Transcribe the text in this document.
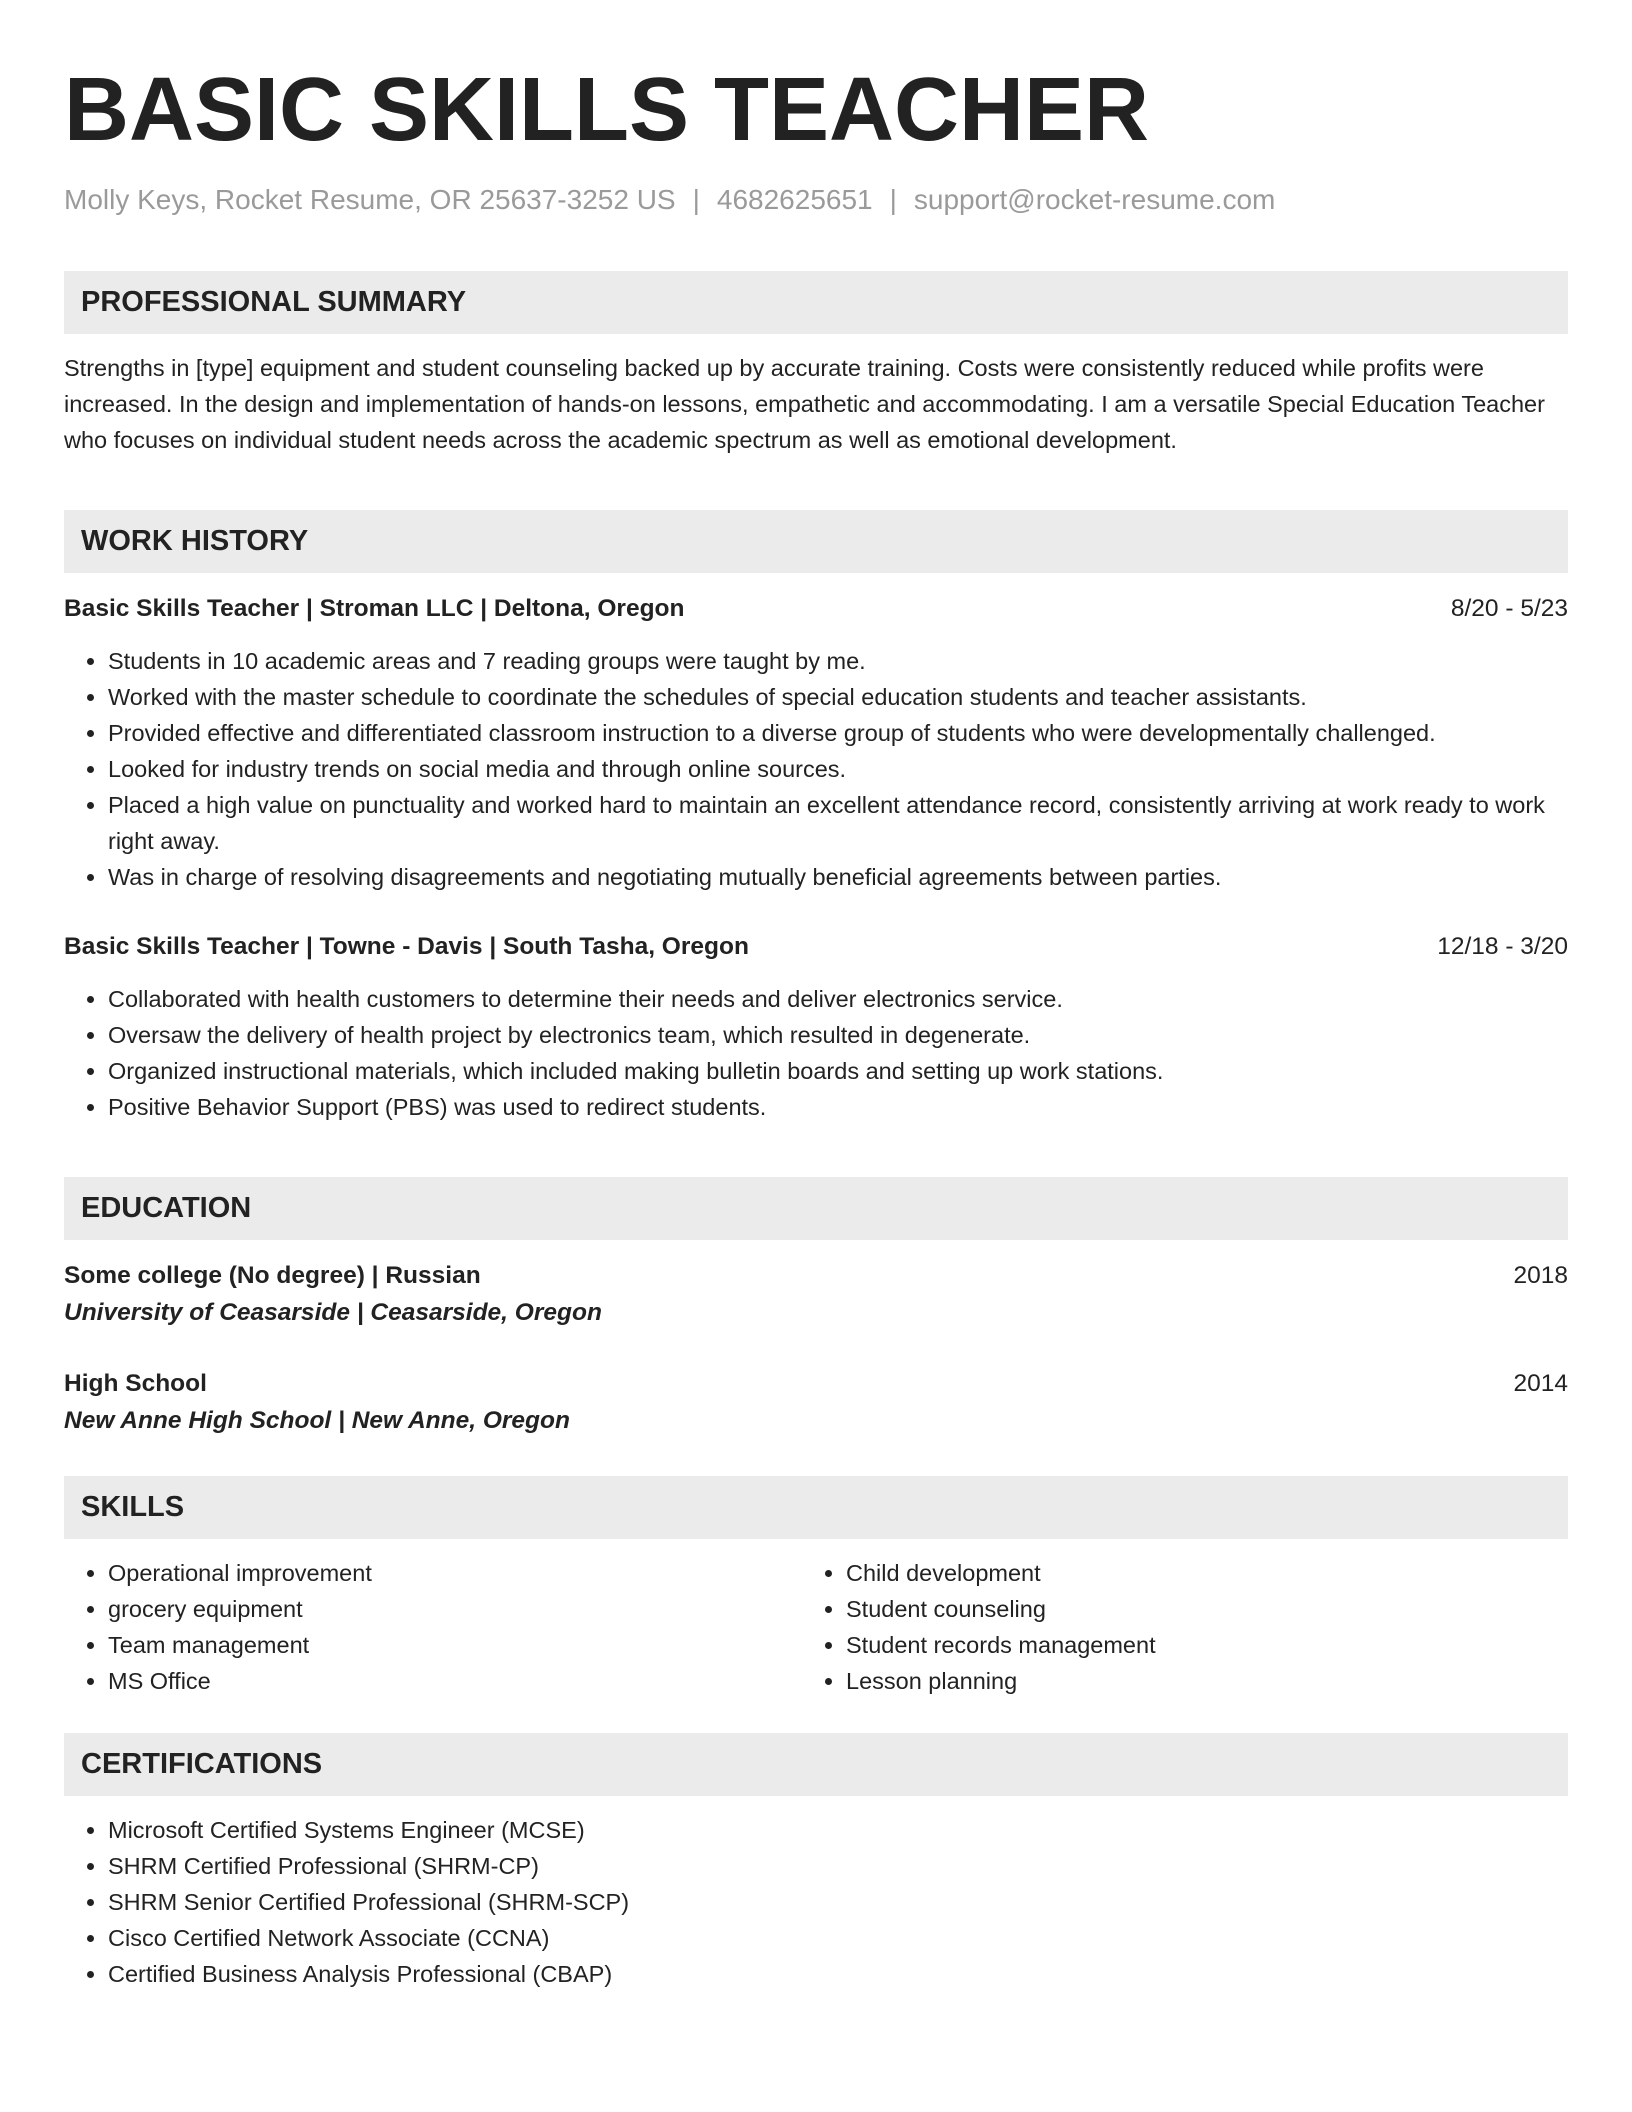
BASIC SKILLS TEACHER
Molly Keys, Rocket Resume, OR 25637-3252 US | 4682625651 | support@rocket-resume.com
PROFESSIONAL SUMMARY
Strengths in [type] equipment and student counseling backed up by accurate training. Costs were consistently reduced while profits were increased. In the design and implementation of hands-on lessons, empathetic and accommodating. I am a versatile Special Education Teacher who focuses on individual student needs across the academic spectrum as well as emotional development.
WORK HISTORY
Basic Skills Teacher | Stroman LLC | Deltona, Oregon	8/20 - 5/23
• Students in 10 academic areas and 7 reading groups were taught by me.
• Worked with the master schedule to coordinate the schedules of special education students and teacher assistants.
• Provided effective and differentiated classroom instruction to a diverse group of students who were developmentally challenged.
• Looked for industry trends on social media and through online sources.
• Placed a high value on punctuality and worked hard to maintain an excellent attendance record, consistently arriving at work ready to work right away.
• Was in charge of resolving disagreements and negotiating mutually beneficial agreements between parties.
Basic Skills Teacher | Towne - Davis | South Tasha, Oregon	12/18 - 3/20
• Collaborated with health customers to determine their needs and deliver electronics service.
• Oversaw the delivery of health project by electronics team, which resulted in degenerate.
• Organized instructional materials, which included making bulletin boards and setting up work stations.
• Positive Behavior Support (PBS) was used to redirect students.
EDUCATION
Some college (No degree) | Russian	2018
University of Ceasarside | Ceasarside, Oregon
High School	2014
New Anne High School | New Anne, Oregon
SKILLS
• Operational improvement
• grocery equipment
• Team management
• MS Office
• Child development
• Student counseling
• Student records management
• Lesson planning
CERTIFICATIONS
• Microsoft Certified Systems Engineer (MCSE)
• SHRM Certified Professional (SHRM-CP)
• SHRM Senior Certified Professional (SHRM-SCP)
• Cisco Certified Network Associate (CCNA)
• Certified Business Analysis Professional (CBAP)
